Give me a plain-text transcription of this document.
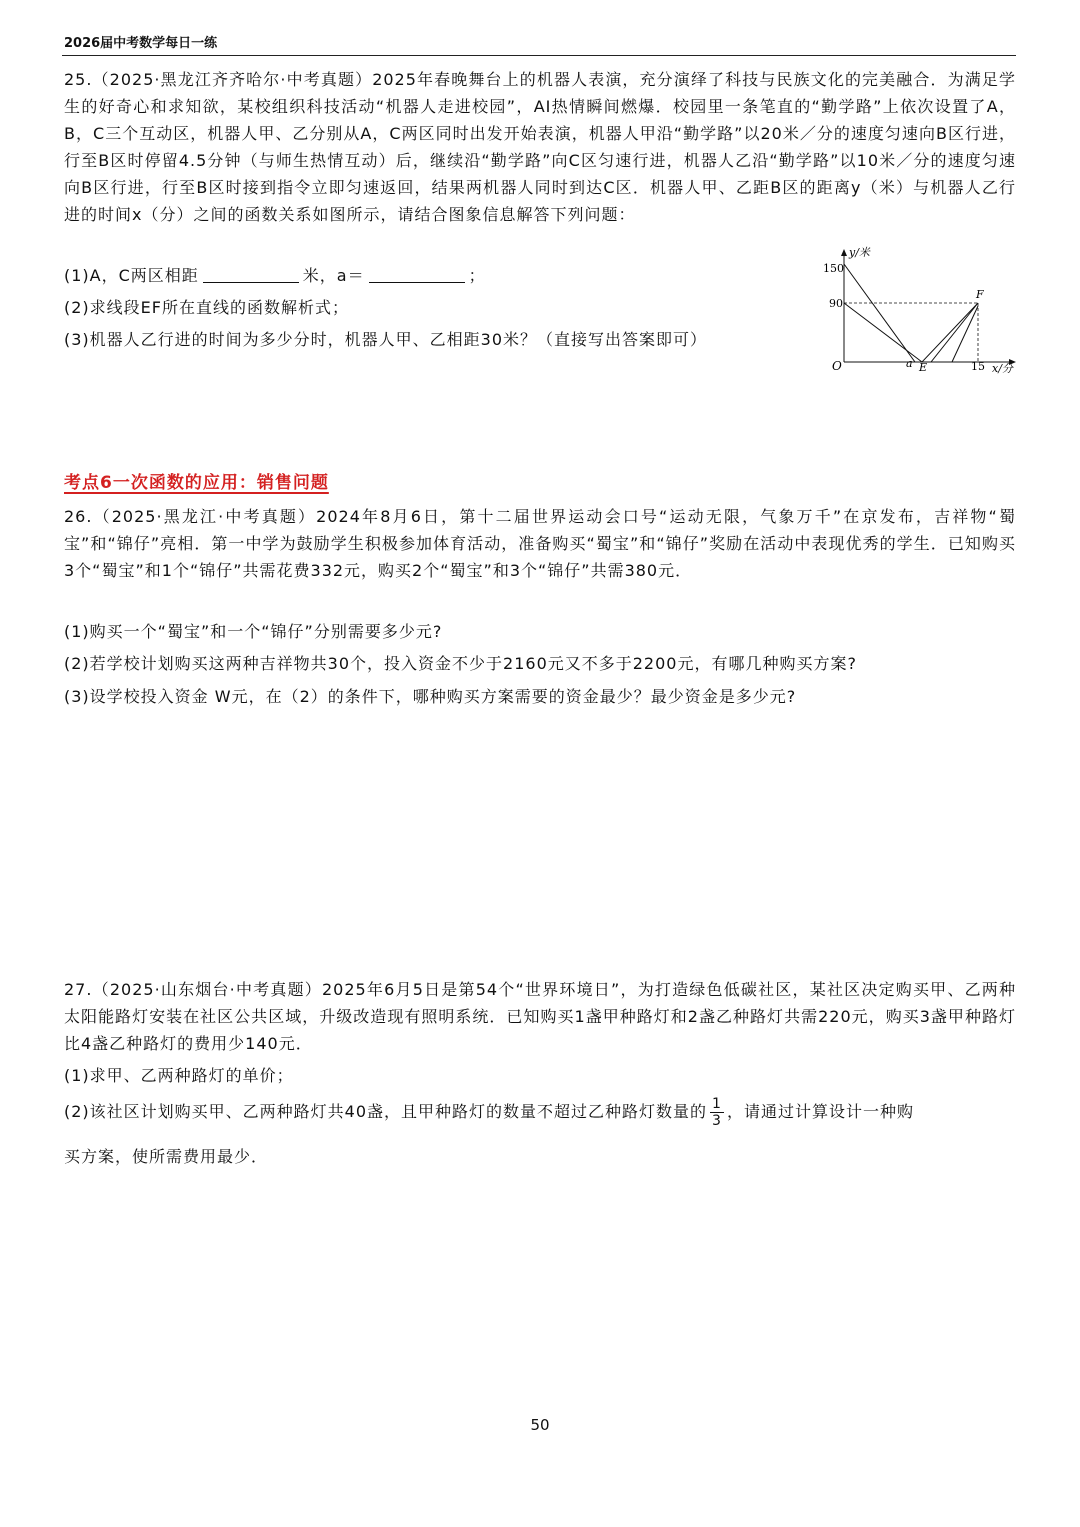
2026届中考数学每日一练
25.（2025·黑龙江齐齐哈尔·中考真题）2025年春晚舞台上的机器人表演，充分演绎了科技与民族文化的完美融合．为满足学生的好奇心和求知欲，某校组织科技活动“机器人走进校园”，AI热情瞬间燃爆．校园里一条笔直的“勤学路”上依次设置了A，B，C三个互动区，机器人甲、乙分别从A，C两区同时出发开始表演，机器人甲沿“勤学路”以20米／分的速度匀速向B区行进，行至B区时停留4.5分钟（与师生热情互动）后，继续沿“勤学路”向C区匀速行进，机器人乙沿“勤学路”以10米／分的速度匀速向B区行进，行至B区时接到指令立即匀速返回，结果两机器人同时到达C区．机器人甲、乙距B区的距离y（米）与机器人乙行进的时间x（分）之间的函数关系如图所示，请结合图象信息解答下列问题：
(1)A，C两区相距	米，a＝	；
(2)求线段EF所在直线的函数解析式；
(3)机器人乙行进的时间为多少分时，机器人甲、乙相距30米？（直接写出答案即可）
y/米
150
90
O	a E	15 x/分
F
考点6一次函数的应用：销售问题
26.（2025·黑龙江·中考真题）2024年8月6日，第十二届世界运动会口号“运动无限，气象万千”在京发布，吉祥物“蜀宝”和“锦仔”亮相．第一中学为鼓励学生积极参加体育活动，准备购买“蜀宝”和“锦仔”奖励在活动中表现优秀的学生．已知购买3个“蜀宝”和1个“锦仔”共需花费332元，购买2个“蜀宝”和3个“锦仔”共需380元．
(1)购买一个“蜀宝”和一个“锦仔”分别需要多少元?
(2)若学校计划购买这两种吉祥物共30个，投入资金不少于2160元又不多于2200元，有哪几种购买方案?
(3)设学校投入资金 W元，在（2）的条件下，哪种购买方案需要的资金最少？最少资金是多少元?
27.（2025·山东烟台·中考真题）2025年6月5日是第54个“世界环境日”，为打造绿色低碳社区，某社区决定购买甲、乙两种太阳能路灯安装在社区公共区域，升级改造现有照明系统．已知购买1盏甲种路灯和2盏乙种路灯共需220元，购买3盏甲种路灯比4盏乙种路灯的费用少140元．
(1)求甲、乙两种路灯的单价；
(2)该社区计划购买甲、乙两种路灯共40盏，且甲种路灯的数量不超过乙种路灯数量的 $\frac{1}{3}$ ，请通过计算设计一种购
买方案，使所需费用最少．
50
